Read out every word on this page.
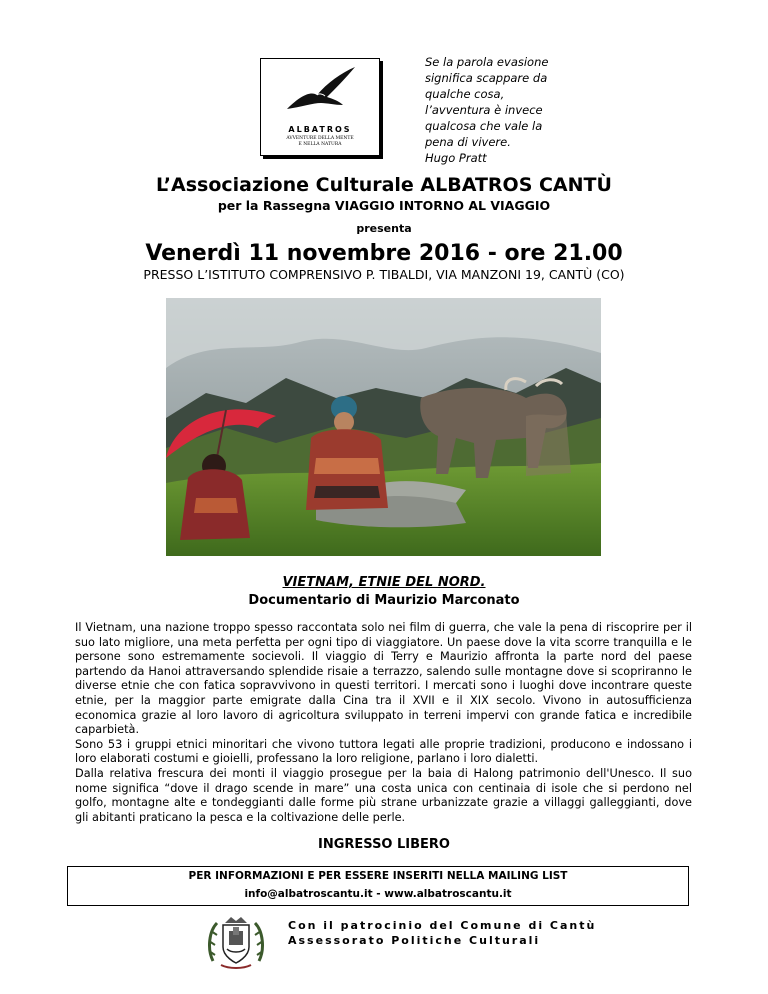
ALBATROS
AVVENTURE DELLA MENTE
E NELLA NATURA
Se la parola evasione
significa scappare da
qualche cosa,
l’avventura è invece
qualcosa che vale la
pena di vivere.
Hugo Pratt
L’Associazione Culturale ALBATROS CANTÙ
per la Rassegna VIAGGIO INTORNO AL VIAGGIO
presenta
Venerdì 11 novembre 2016 - ore 21.00
PRESSO L’ISTITUTO COMPRENSIVO P. TIBALDI, VIA MANZONI 19, CANTÙ (CO)
VIETNAM, ETNIE DEL NORD.
Documentario di Maurizio Marconato

Il Vietnam, una nazione troppo spesso raccontata solo nei film di guerra, che vale la pena di riscoprire per il suo lato migliore, una meta perfetta per ogni tipo di viaggiatore. Un paese dove la vita scorre tranquilla e le persone sono estremamente socievoli. Il viaggio di Terry e Maurizio affronta la parte nord del paese partendo da Hanoi attraversando splendide risaie a terrazzo, salendo sulle montagne dove si scopriranno le diverse etnie che con fatica sopravvivono in questi territori. I mercati sono i luoghi dove incontrare queste etnie, per la maggior parte emigrate dalla Cina tra il XVII e il XIX secolo. Vivono in autosufficienza economica grazie al loro lavoro di agricoltura sviluppato in terreni impervi con grande fatica e incredibile caparbietà.

Sono 53 i gruppi etnici minoritari che vivono tuttora legati alle proprie tradizioni, producono e indossano i loro elaborati costumi e gioielli, professano la loro religione, parlano i loro dialetti.

Dalla relativa frescura dei monti il viaggio prosegue per la baia di Halong patrimonio dell'Unesco. Il suo nome significa “dove il drago scende in mare” una costa unica con centinaia di isole che si perdono nel golfo, montagne alte e tondeggianti dalle forme più strane urbanizzate grazie a villaggi galleggianti, dove gli abitanti praticano la pesca e la coltivazione delle perle.

INGRESSO LIBERO
PER INFORMAZIONI E PER ESSERE INSERITI NELLA MAILING LIST
info@albatroscantu.it - www.albatroscantu.it
Con il patrocinio del Comune di Cantù
Assessorato Politiche Culturali
